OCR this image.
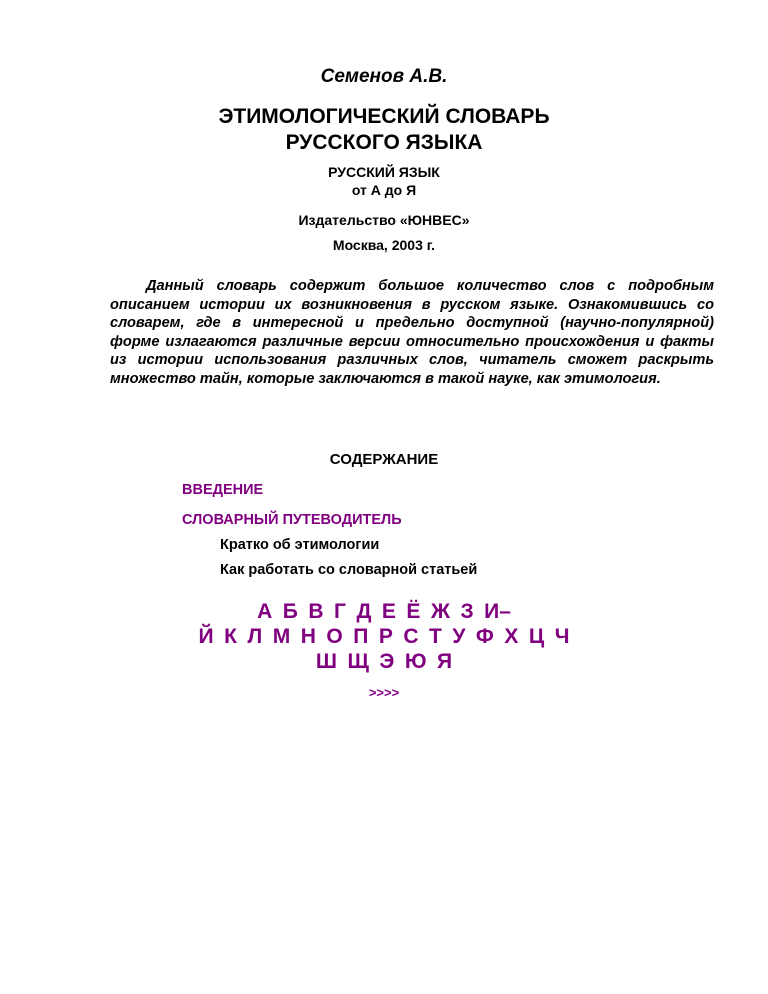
Семенов А.В.

ЭТИМОЛОГИЧЕСКИЙ СЛОВАРЬ
РУССКОГО ЯЗЫКА
РУССКИЙ ЯЗЫК
от А до Я

Издательство «ЮНВЕС»

Москва, 2003 г.

Данный словарь содержит большое количество слов с подробным описанием истории их возникновения в русском языке. Ознакомившись со словарем, где в интересной и предельно доступной (научно-популярной) форме излагаются различные версии относительно происхождения и факты из истории использования различных слов, читатель сможет раскрыть множество тайн, которые заключаются в такой науке, как этимология.

СОДЕРЖАНИЕ

ВВЕДЕНИЕ
СЛОВАРНЫЙ ПУТЕВОДИТЕЛЬ
Кратко об этимологии
Как работать со словарной статьей
А Б В Г Д Е Ё Ж З И–
Й К Л М Н О П Р С Т У Ф Х Ц Ч
Ш Щ Э Ю Я

>>>>
